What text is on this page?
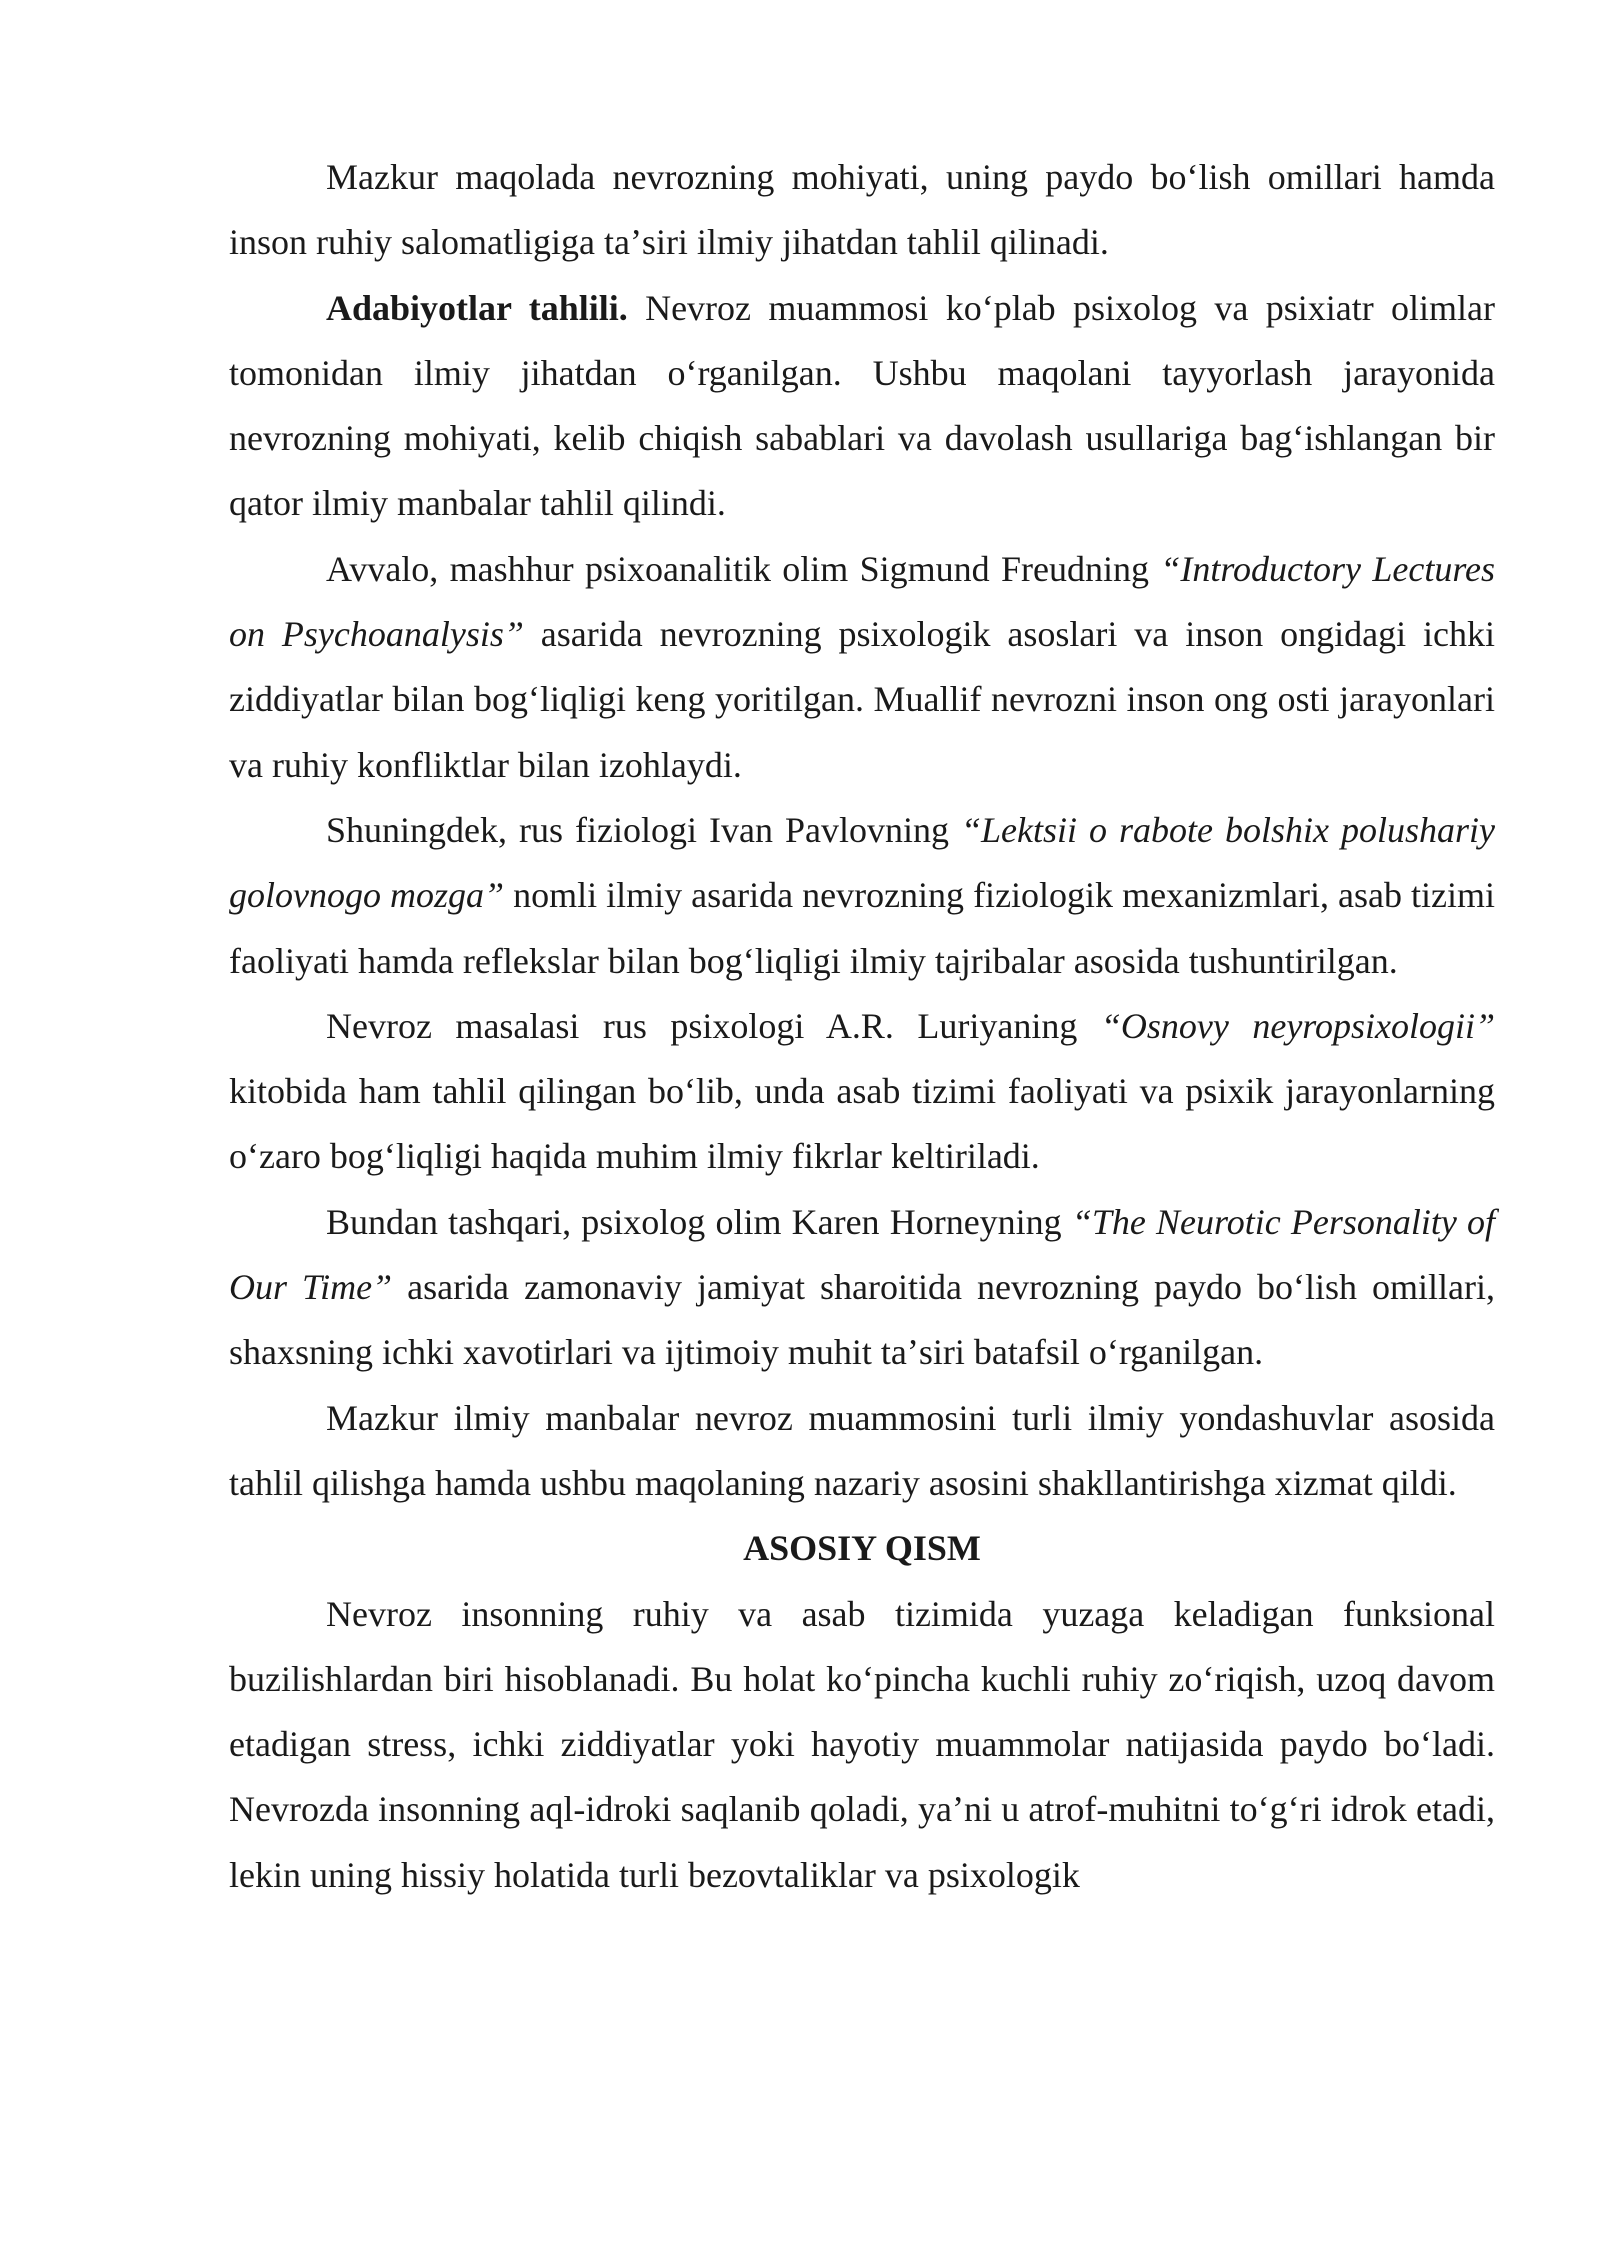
Mazkur maqolada nevrozning mohiyati, uning paydo boʻlish omillari hamda inson ruhiy salomatligiga taʼsiri ilmiy jihatdan tahlil qilinadi.

Adabiyotlar tahlili. Nevroz muammosi koʻplab psixolog va psixiatr olimlar tomonidan ilmiy jihatdan oʻrganilgan. Ushbu maqolani tayyorlash jarayonida nevrozning mohiyati, kelib chiqish sabablari va davolash usullariga bagʻishlangan bir qator ilmiy manbalar tahlil qilindi.

Avvalo, mashhur psixoanalitik olim Sigmund Freudning “Introductory Lectures on Psychoanalysis” asarida nevrozning psixologik asoslari va inson ongidagi ichki ziddiyatlar bilan bogʻliqligi keng yoritilgan. Muallif nevrozni inson ong osti jarayonlari va ruhiy konfliktlar bilan izohlaydi.

Shuningdek, rus fiziologi Ivan Pavlovning “Lektsii o rabote bolshix polushariy golovnogo mozga” nomli ilmiy asarida nevrozning fiziologik mexanizmlari, asab tizimi faoliyati hamda reflekslar bilan bogʻliqligi ilmiy tajribalar asosida tushuntirilgan.

Nevroz masalasi rus psixologi A.R. Luriyaning “Osnovy neyropsixologii” kitobida ham tahlil qilingan boʻlib, unda asab tizimi faoliyati va psixik jarayonlarning oʻzaro bogʻliqligi haqida muhim ilmiy fikrlar keltiriladi.

Bundan tashqari, psixolog olim Karen Horneyning “The Neurotic Personality of Our Time” asarida zamonaviy jamiyat sharoitida nevrozning paydo boʻlish omillari, shaxsning ichki xavotirlari va ijtimoiy muhit taʼsiri batafsil oʻrganilgan.

Mazkur ilmiy manbalar nevroz muammosini turli ilmiy yondashuvlar asosida tahlil qilishga hamda ushbu maqolaning nazariy asosini shakllantirishga xizmat qildi.

ASOSIY QISM

Nevroz insonning ruhiy va asab tizimida yuzaga keladigan funksional buzilishlardan biri hisoblanadi. Bu holat koʻpincha kuchli ruhiy zoʻriqish, uzoq davom etadigan stress, ichki ziddiyatlar yoki hayotiy muammolar natijasida paydo boʻladi. Nevrozda insonning aql-idroki saqlanib qoladi, yaʼni u atrof-muhitni toʻgʻri idrok etadi, lekin uning hissiy holatida turli bezovtaliklar va psixologik
